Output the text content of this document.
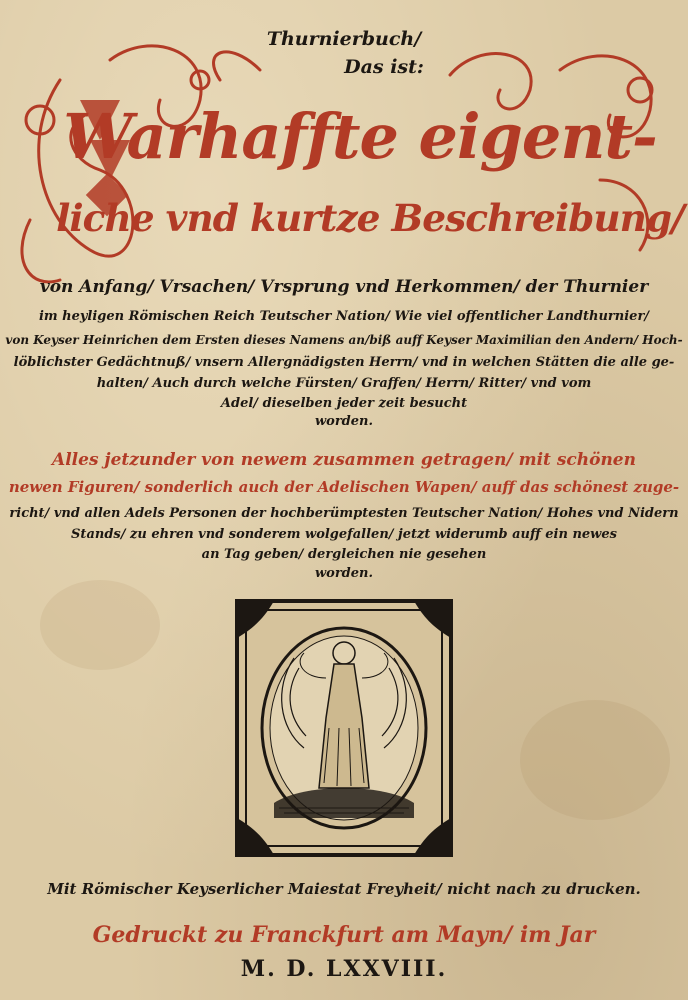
Thurnierbuch/
Das ist:
Warhaffte eigent-
liche vnd kurtze Beschreibung/
von Anfang/ Vrsachen/ Vrsprung vnd Herkommen/ der Thurnier
im heyligen Römischen Reich Teutscher Nation/ Wie viel offentlicher Landthurnier/
von Keyser Heinrichen dem Ersten dieses Namens an/biß auff Keyser Maximilian den Andern/ Hoch-
löblichster Gedächtnuß/ vnsern Allergnädigsten Herrn/ vnd in welchen Stätten die alle ge-
halten/ Auch durch welche Fürsten/ Graffen/ Herrn/ Ritter/ vnd vom
Adel/ dieselben jeder zeit besucht
worden.
Alles jetzunder von newem zusammen getragen/ mit schönen
newen Figuren/ sonderlich auch der Adelischen Wapen/ auff das schönest zuge-
richt/ vnd allen Adels Personen der hochberümptesten Teutscher Nation/ Hohes vnd Nidern
Stands/ zu ehren vnd sonderem wolgefallen/ jetzt widerumb auff ein newes
an Tag geben/ dergleichen nie gesehen
worden.
Mit Römischer Keyserlicher Maiestat Freyheit/ nicht nach zu drucken.
Gedruckt zu Franckfurt am Mayn/ im Jar
M. D. LXXVIII.
